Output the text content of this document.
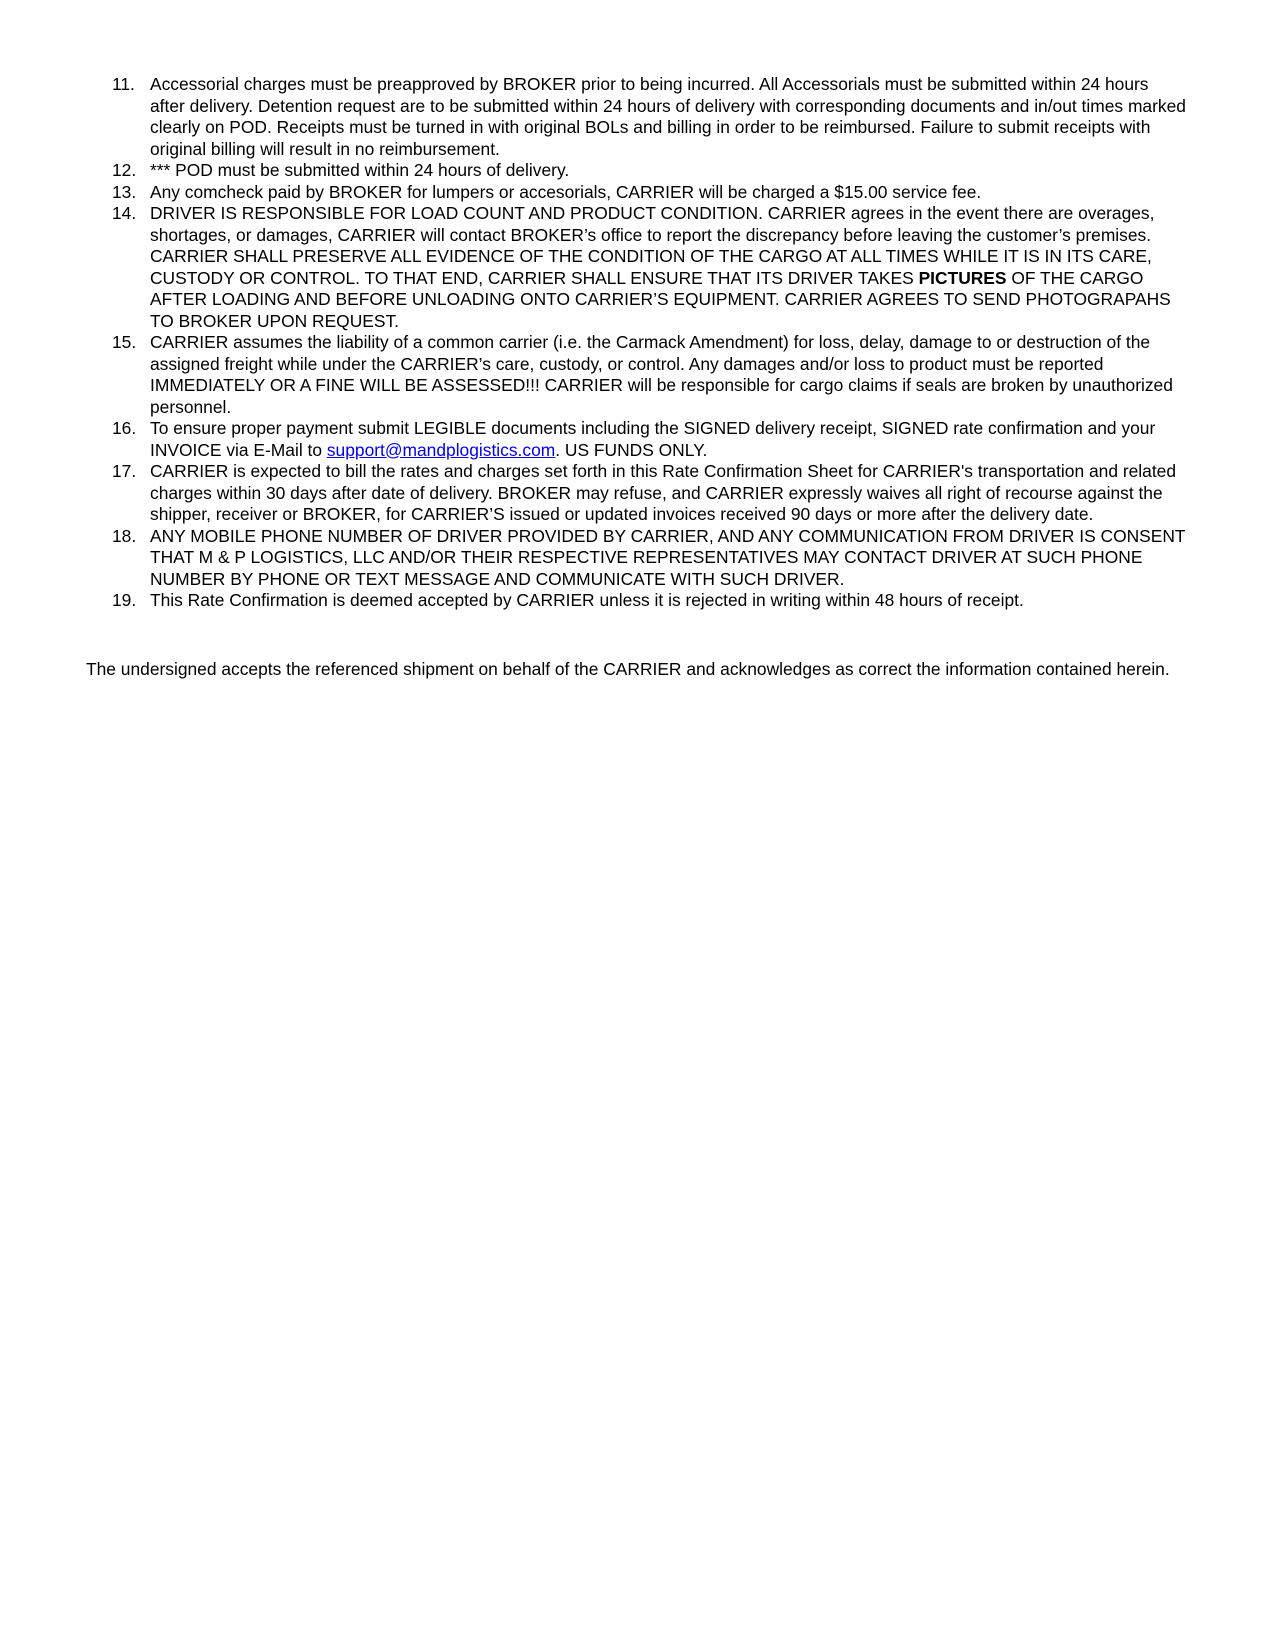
11. Accessorial charges must be preapproved by BROKER prior to being incurred. All Accessorials must be submitted within 24 hours after delivery. Detention request are to be submitted within 24 hours of delivery with corresponding documents and in/out times marked clearly on POD. Receipts must be turned in with original BOLs and billing in order to be reimbursed. Failure to submit receipts with original billing will result in no reimbursement.
12. *** POD must be submitted within 24 hours of delivery.
13. Any comcheck paid by BROKER for lumpers or accesorials, CARRIER will be charged a $15.00 service fee.
14. DRIVER IS RESPONSIBLE FOR LOAD COUNT AND PRODUCT CONDITION. CARRIER agrees in the event there are overages, shortages, or damages, CARRIER will contact BROKER’s office to report the discrepancy before leaving the customer’s premises. CARRIER SHALL PRESERVE ALL EVIDENCE OF THE CONDITION OF THE CARGO AT ALL TIMES WHILE IT IS IN ITS CARE, CUSTODY OR CONTROL. TO THAT END, CARRIER SHALL ENSURE THAT ITS DRIVER TAKES PICTURES OF THE CARGO AFTER LOADING AND BEFORE UNLOADING ONTO CARRIER’S EQUIPMENT. CARRIER AGREES TO SEND PHOTOGRAPAHS TO BROKER UPON REQUEST.
15. CARRIER assumes the liability of a common carrier (i.e. the Carmack Amendment) for loss, delay, damage to or destruction of the assigned freight while under the CARRIER’s care, custody, or control. Any damages and/or loss to product must be reported IMMEDIATELY OR A FINE WILL BE ASSESSED!!! CARRIER will be responsible for cargo claims if seals are broken by unauthorized personnel.
16. To ensure proper payment submit LEGIBLE documents including the SIGNED delivery receipt, SIGNED rate confirmation and your INVOICE via E-Mail to support@mandplogistics.com. US FUNDS ONLY.
17. CARRIER is expected to bill the rates and charges set forth in this Rate Confirmation Sheet for CARRIER's transportation and related charges within 30 days after date of delivery. BROKER may refuse, and CARRIER expressly waives all right of recourse against the shipper, receiver or BROKER, for CARRIER’S issued or updated invoices received 90 days or more after the delivery date.
18. ANY MOBILE PHONE NUMBER OF DRIVER PROVIDED BY CARRIER, AND ANY COMMUNICATION FROM DRIVER IS CONSENT THAT M & P LOGISTICS, LLC AND/OR THEIR RESPECTIVE REPRESENTATIVES MAY CONTACT DRIVER AT SUCH PHONE NUMBER BY PHONE OR TEXT MESSAGE AND COMMUNICATE WITH SUCH DRIVER.
19. This Rate Confirmation is deemed accepted by CARRIER unless it is rejected in writing within 48 hours of receipt.

The undersigned accepts the referenced shipment on behalf of the CARRIER and acknowledges as correct the information contained herein.
